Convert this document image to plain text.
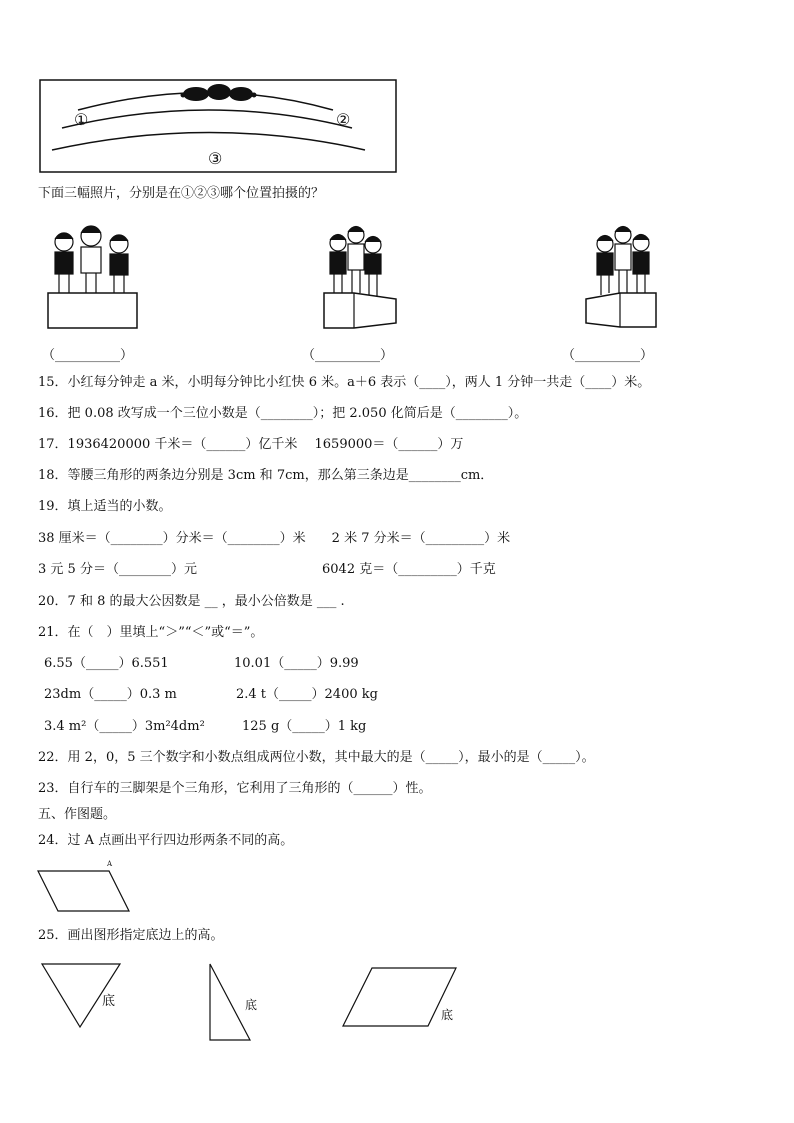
①	②
③
下面三幅照片，分别是在①②③哪个位置拍摄的？
（__________）	（__________）	（__________）
15．小红每分钟走 a 米，小明每分钟比小红快 6 米。a＋6 表示（____），两人 1 分钟一共走（____）米。
16．把 0.08 改写成一个三位小数是（________）；把 2.050 化简后是（________）。
17．1936420000 千米＝（______）亿千米　 1659000＝（______）万
18．等腰三角形的两条边分别是 3cm 和 7cm，那么第三条边是________cm．
19．填上适当的小数。
38 厘米＝（________）分米＝（________）米　　2 米 7 分米＝（_________）米
3 元 5 分＝（________）元	6042 克＝（_________）千克
20．7 和 8 的最大公因数是 __ ，最小公倍数是 ___ .
21．在（　）里填上“＞”“＜”或“＝”。
6.55（_____）6.551	10.01（_____）9.99
23dm（_____）0.3 m	2.4 t（_____）2400 kg
3.4 m²（_____）3m²4dm²	125 g（_____）1 kg
22．用 2，0，5 三个数字和小数点组成两位小数，其中最大的是（_____），最小的是（_____）。
23．自行车的三脚架是个三角形，它利用了三角形的（______）性。
五、作图题。
24．过 A 点画出平行四边形两条不同的高。
A
25．画出图形指定底边上的高。
底	底
底
